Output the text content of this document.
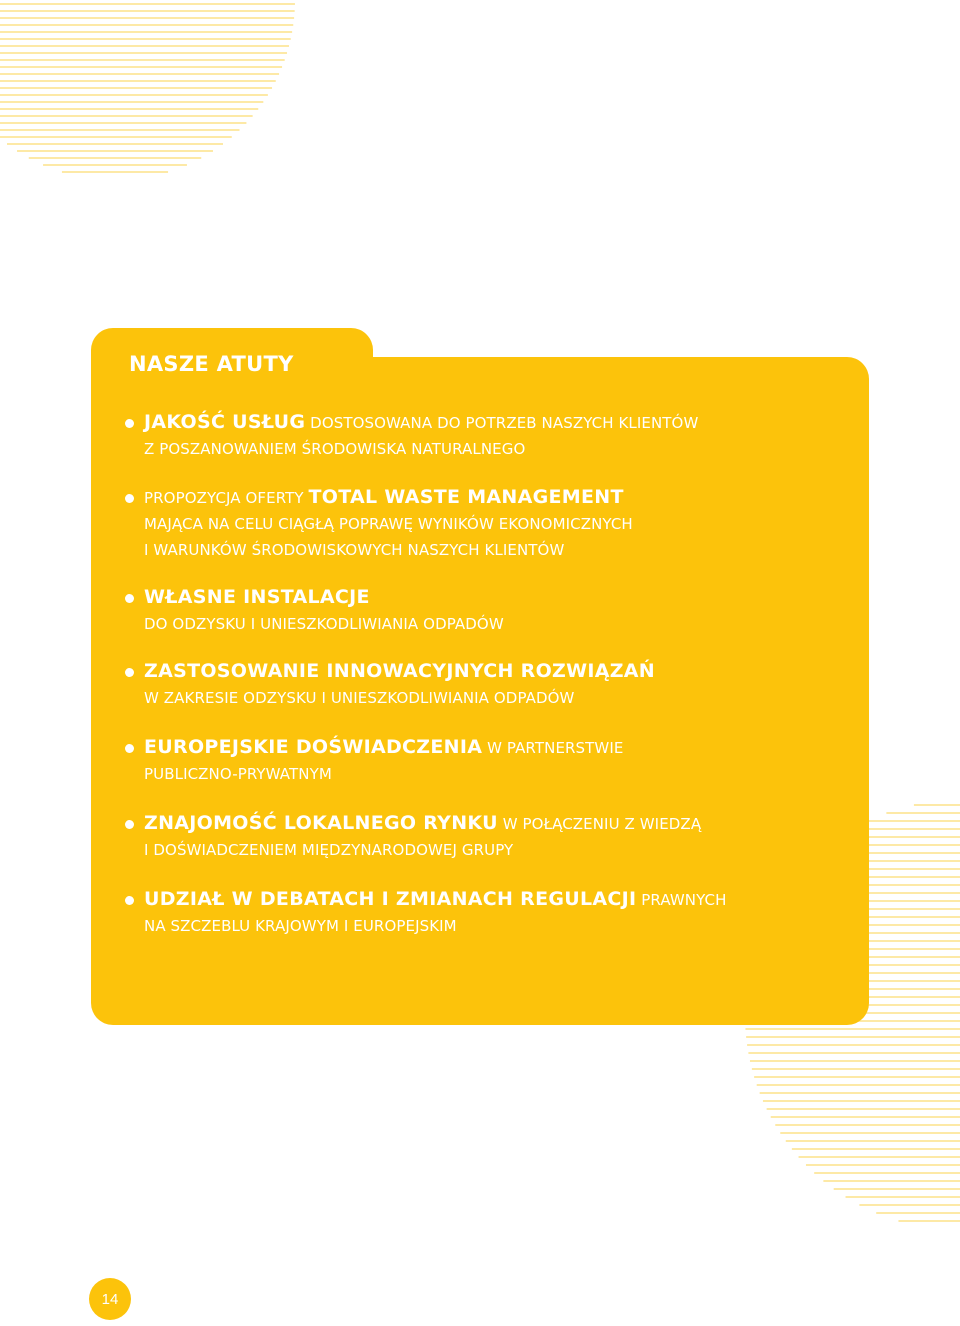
NASZE ATUTY

JAKOŚĆ USŁUG DOSTOSOWANA DO POTRZEB NASZYCH KLIENTÓW
Z POSZANOWANIEM ŚRODOWISKA NATURALNEGO

PROPOZYCJA OFERTY TOTAL WASTE MANAGEMENT
MAJĄCA NA CELU CIĄGŁĄ POPRAWĘ WYNIKÓW EKONOMICZNYCH
I WARUNKÓW ŚRODOWISKOWYCH NASZYCH KLIENTÓW

WŁASNE INSTALACJE
DO ODZYSKU I UNIESZKODLIWIANIA ODPADÓW

ZASTOSOWANIE INNOWACYJNYCH ROZWIĄZAŃ
W ZAKRESIE ODZYSKU I UNIESZKODLIWIANIA ODPADÓW

EUROPEJSKIE DOŚWIADCZENIA W PARTNERSTWIE
PUBLICZNO-PRYWATNYM

ZNAJOMOŚĆ LOKALNEGO RYNKU W POŁĄCZENIU Z WIEDZĄ
I DOŚWIADCZENIEM MIĘDZYNARODOWEJ GRUPY

UDZIAŁ W DEBATACH I ZMIANACH REGULACJI PRAWNYCH
NA SZCZEBLU KRAJOWYM I EUROPEJSKIM

14
